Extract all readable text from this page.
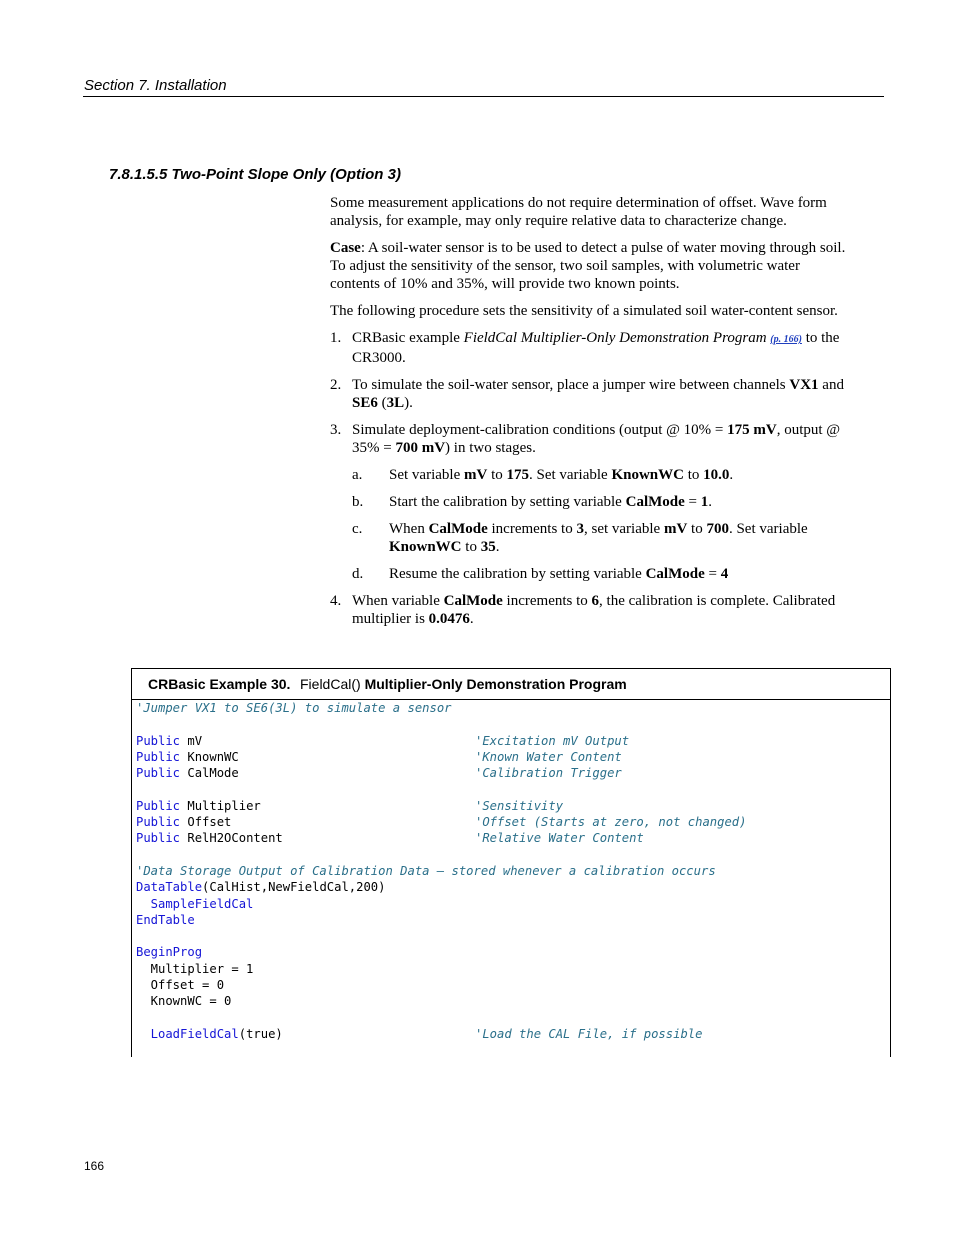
Section 7. Installation
7.8.1.5.5 Two-Point Slope Only (Option 3)

Some measurement applications do not require determination of offset. Wave form analysis, for example, may only require relative data to characterize change.

Case: A soil-water sensor is to be used to detect a pulse of water moving through soil. To adjust the sensitivity of the sensor, two soil samples, with volumetric water contents of 10% and 35%, will provide two known points.

The following procedure sets the sensitivity of a simulated soil water-content sensor.

1. CRBasic example FieldCal Multiplier-Only Demonstration Program (p. 166) to the CR3000.
2. To simulate the soil-water sensor, place a jumper wire between channels VX1 and SE6 (3L).
3. Simulate deployment-calibration conditions (output @ 10% = 175 mV, output @ 35% = 700 mV) in two stages.
a. Set variable mV to 175. Set variable KnownWC to 10.0.
b. Start the calibration by setting variable CalMode = 1.
c. When CalMode increments to 3, set variable mV to 700. Set variable KnownWC to 35.
d. Resume the calibration by setting variable CalMode = 4
4. When variable CalMode increments to 6, the calibration is complete. Calibrated multiplier is 0.0476.
CRBasic Example 30. FieldCal() Multiplier-Only Demonstration Program
'Jumper VX1 to SE6(3L) to simulate a sensor
Public mV	'Excitation mV Output
Public KnownWC	'Known Water Content
Public CalMode	'Calibration Trigger
Public Multiplier	'Sensitivity
Public Offset	'Offset (Starts at zero, not changed)
Public RelH2OContent	'Relative Water Content
'Data Storage Output of Calibration Data – stored whenever a calibration occurs
DataTable(CalHist,NewFieldCal,200)
SampleFieldCal
EndTable
BeginProg
Multiplier = 1
Offset = 0
KnownWC = 0
LoadFieldCal(true)	'Load the CAL File, if possible
166
